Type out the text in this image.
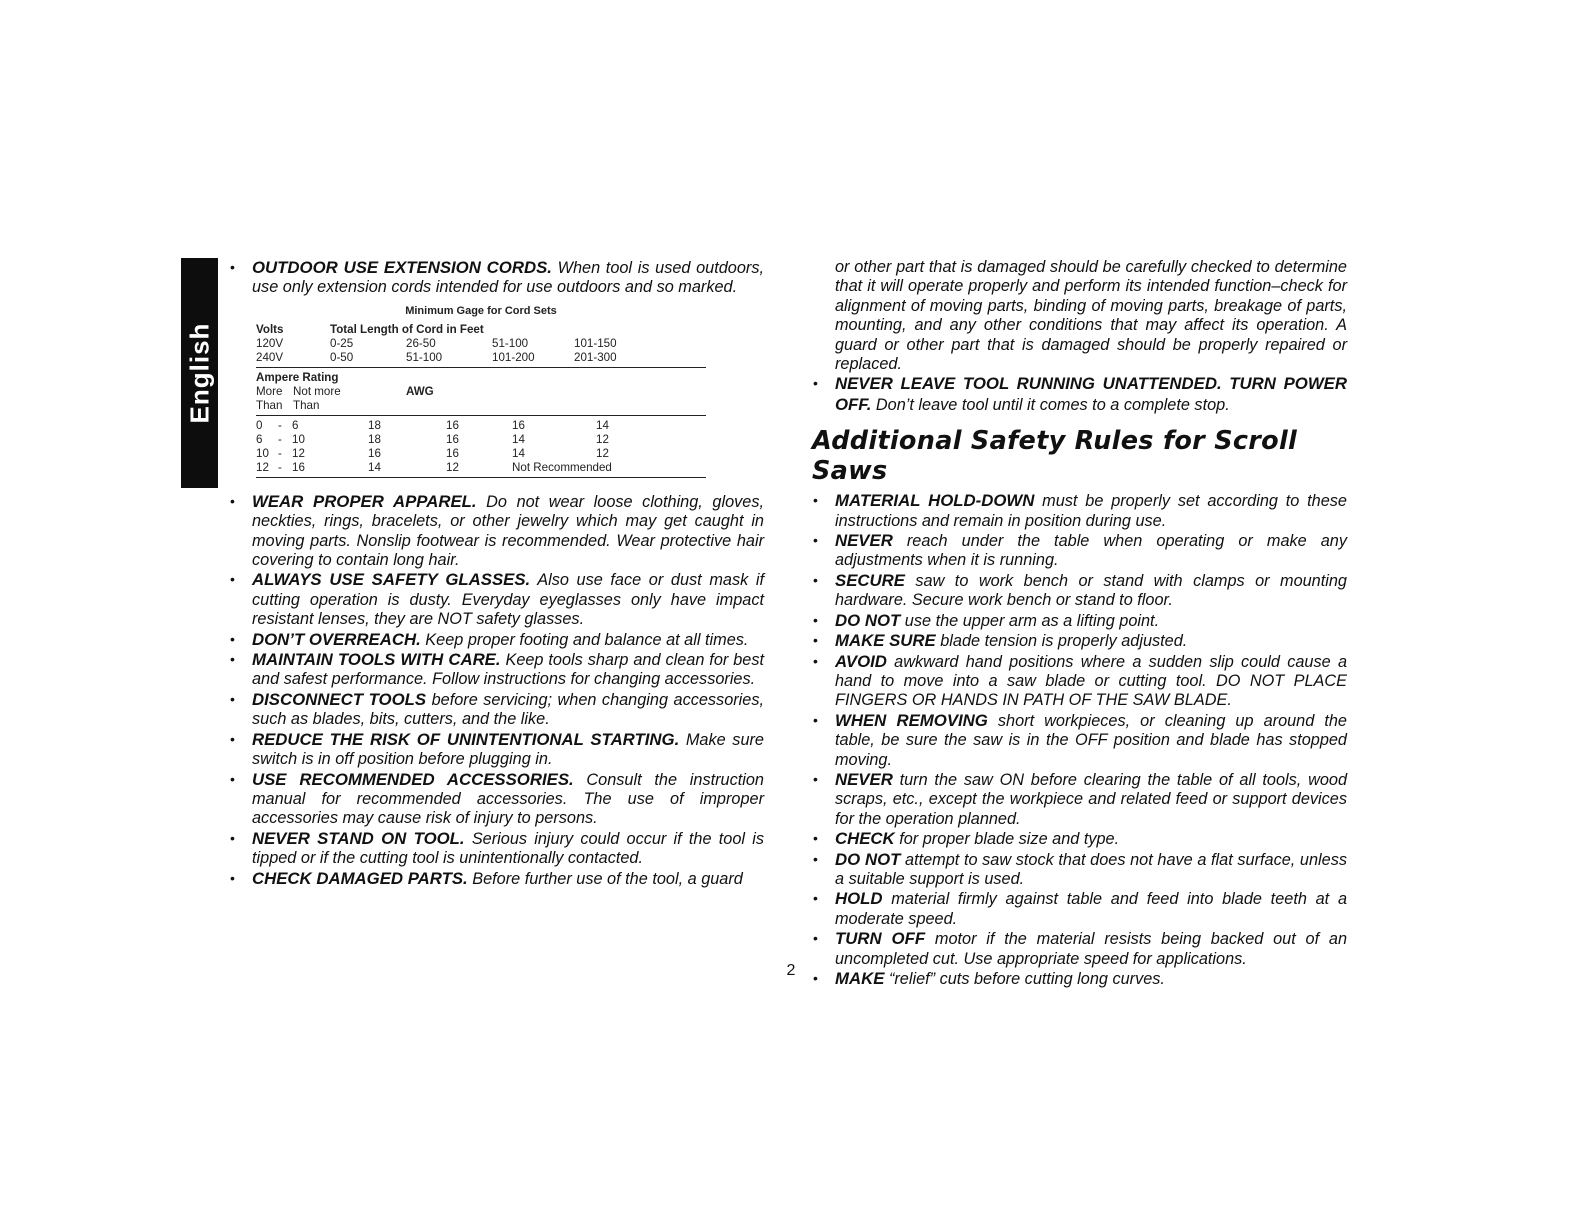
English
• OUTDOOR USE EXTENSION CORDS. When tool is used outdoors, use only extension cords intended for use outdoors and so marked.
Minimum Gage for Cord Sets
Volts	Total Length of Cord in Feet
120V	0-25	26-50	51-100	101-150
240V	0-50	51-100	101-200	201-300
Ampere Rating
More Not more	AWG
Than Than
0	- 6	18	16	16	14
6	- 10	18	16	14	12
10 - 12	16	16	14	12
12 - 16	14	12	Not Recommended
• WEAR PROPER APPAREL. Do not wear loose clothing, gloves, neckties, rings, bracelets, or other jewelry which may get caught in moving parts. Nonslip footwear is recommended. Wear protective hair covering to contain long hair.
• ALWAYS USE SAFETY GLASSES. Also use face or dust mask if cutting operation is dusty. Everyday eyeglasses only have impact resistant lenses, they are NOT safety glasses.
• DON’T OVERREACH. Keep proper footing and balance at all times.
• MAINTAIN TOOLS WITH CARE. Keep tools sharp and clean for best and safest performance. Follow instructions for changing accessories.
• DISCONNECT TOOLS before servicing; when changing accessories, such as blades, bits, cutters, and the like.
• REDUCE THE RISK OF UNINTENTIONAL STARTING. Make sure switch is in off position before plugging in.
• USE RECOMMENDED ACCESSORIES. Consult the instruction manual for recommended accessories. The use of improper accessories may cause risk of injury to persons.
• NEVER STAND ON TOOL. Serious injury could occur if the tool is tipped or if the cutting tool is unintentionally contacted.
• CHECK DAMAGED PARTS. Before further use of the tool, a guard
or other part that is damaged should be carefully checked to determine that it will operate properly and perform its intended function–check for alignment of moving parts, binding of moving parts, breakage of parts, mounting, and any other conditions that may affect its operation. A guard or other part that is damaged should be properly repaired or replaced.
• NEVER LEAVE TOOL RUNNING UNATTENDED. TURN POWER OFF. Don’t leave tool until it comes to a complete stop.
Additional Safety Rules for Scroll Saws
• MATERIAL HOLD-DOWN must be properly set according to these instructions and remain in position during use.
• NEVER reach under the table when operating or make any adjustments when it is running.
• SECURE saw to work bench or stand with clamps or mounting hardware. Secure work bench or stand to floor.
• DO NOT use the upper arm as a lifting point.
• MAKE SURE blade tension is properly adjusted.
• AVOID awkward hand positions where a sudden slip could cause a hand to move into a saw blade or cutting tool. DO NOT PLACE FINGERS OR HANDS IN PATH OF THE SAW BLADE.
• WHEN REMOVING short workpieces, or cleaning up around the table, be sure the saw is in the OFF position and blade has stopped moving.
• NEVER turn the saw ON before clearing the table of all tools, wood scraps, etc., except the workpiece and related feed or support devices for the operation planned.
• CHECK for proper blade size and type.
• DO NOT attempt to saw stock that does not have a flat surface, unless a suitable support is used.
• HOLD material firmly against table and feed into blade teeth at a moderate speed.
• TURN OFF motor if the material resists being backed out of an uncompleted cut. Use appropriate speed for applications.
• MAKE “relief” cuts before cutting long curves.
2
